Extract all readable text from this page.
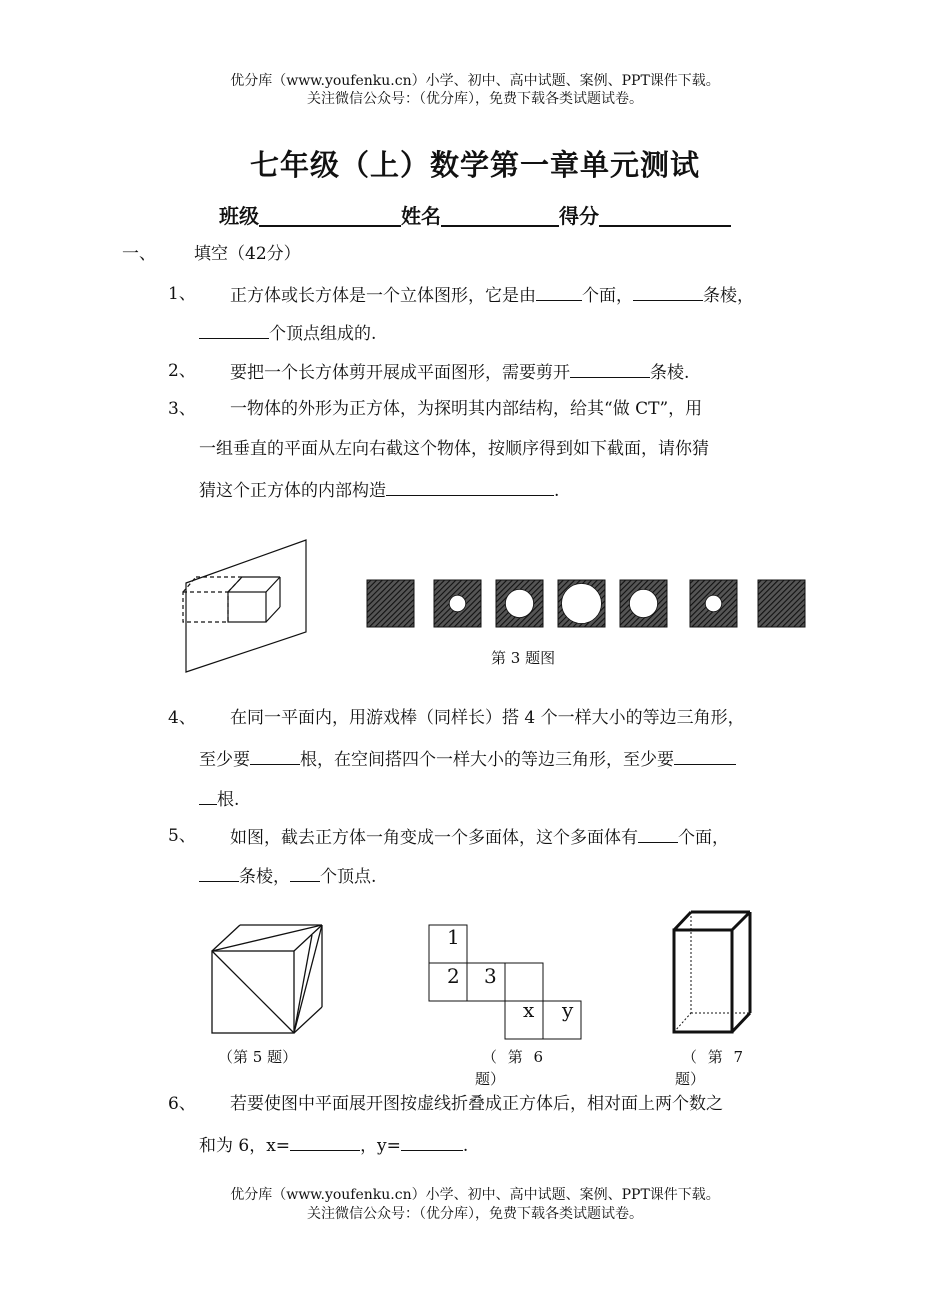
优分库（www.youfenku.cn）小学、初中、高中试题、案例、PPT课件下载。
关注微信公众号：（优分库），免费下载各类试题试卷。
七年级（上）数学第一章单元测试
班级	姓名	得分
一、 填空（42分）
1、 正方体或长方体是一个立体图形，它是由	个面，	条棱，
个顶点组成的.
2、 要把一个长方体剪开展成平面图形，需要剪开	条棱.
3、 一物体的外形为正方体，为探明其内部结构，给其“做 CT”，用
一组垂直的平面从左向右截这个物体，按顺序得到如下截面，请你猜
猜这个正方体的内部构造	.
第 3 题图
4、 在同一平面内，用游戏棒（同样长）搭 4 个一样大小的等边三角形，
至少要	根，在空间搭四个一样大小的等边三角形，至少要
根.
5、 如图，截去正方体一角变成一个多面体，这个多面体有 个面，
条棱， 个顶点.
（第 5 题）
1
2 3
x y
（ 第 6
题）
（ 第 7
题）
6、 若要使图中平面展开图按虚线折叠成正方体后，相对面上两个数之
和为 6，x=	，y=	.
优分库（www.youfenku.cn）小学、初中、高中试题、案例、PPT课件下载。
关注微信公众号：（优分库），免费下载各类试题试卷。
